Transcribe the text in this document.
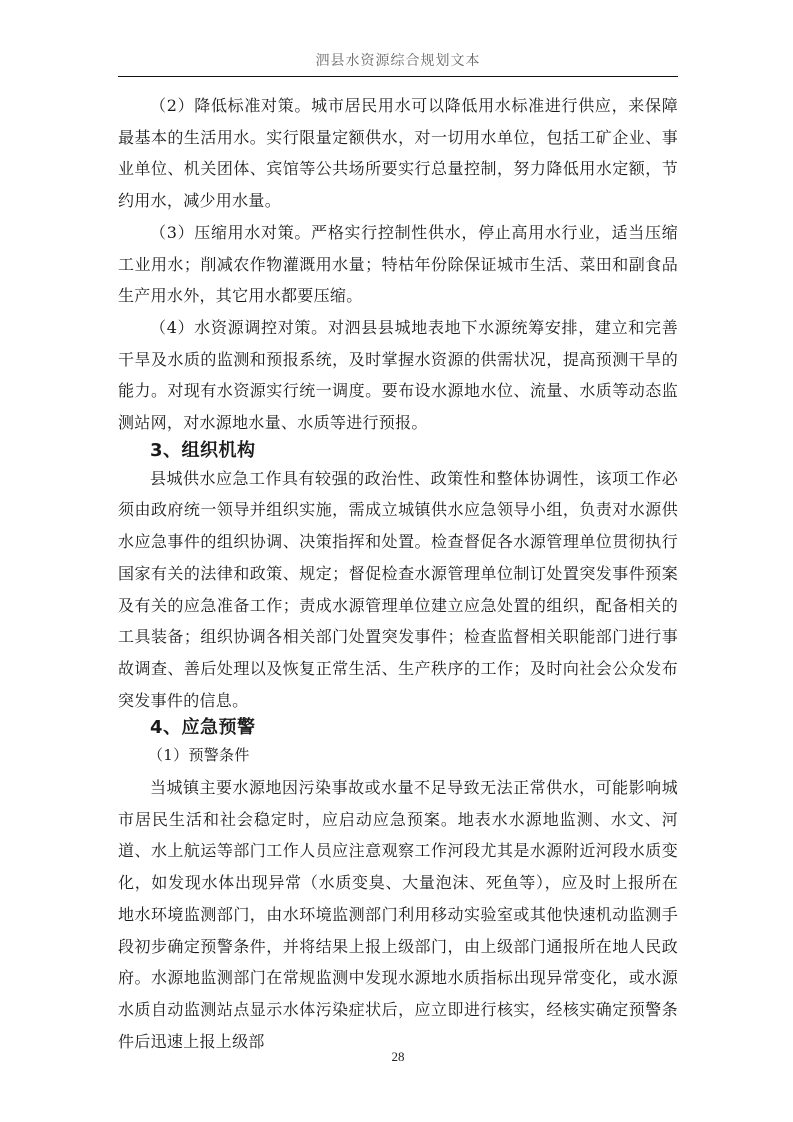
泗县水资源综合规划文本

（2）降低标准对策。城市居民用水可以降低用水标准进行供应，来保障最基本的生活用水。实行限量定额供水，对一切用水单位，包括工矿企业、事业单位、机关团体、宾馆等公共场所要实行总量控制，努力降低用水定额，节约用水，减少用水量。

（3）压缩用水对策。严格实行控制性供水，停止高用水行业，适当压缩工业用水；削减农作物灌溉用水量；特枯年份除保证城市生活、菜田和副食品生产用水外，其它用水都要压缩。

（4）水资源调控对策。对泗县县城地表地下水源统筹安排，建立和完善干旱及水质的监测和预报系统，及时掌握水资源的供需状况，提高预测干旱的能力。对现有水资源实行统一调度。要布设水源地水位、流量、水质等动态监测站网，对水源地水量、水质等进行预报。

3、组织机构

县城供水应急工作具有较强的政治性、政策性和整体协调性，该项工作必须由政府统一领导并组织实施，需成立城镇供水应急领导小组，负责对水源供水应急事件的组织协调、决策指挥和处置。检查督促各水源管理单位贯彻执行国家有关的法律和政策、规定；督促检查水源管理单位制订处置突发事件预案及有关的应急准备工作；责成水源管理单位建立应急处置的组织，配备相关的工具装备；组织协调各相关部门处置突发事件；检查监督相关职能部门进行事故调查、善后处理以及恢复正常生活、生产秩序的工作；及时向社会公众发布突发事件的信息。

4、应急预警

（1）预警条件

当城镇主要水源地因污染事故或水量不足导致无法正常供水，可能影响城市居民生活和社会稳定时，应启动应急预案。地表水水源地监测、水文、河道、水上航运等部门工作人员应注意观察工作河段尤其是水源附近河段水质变化，如发现水体出现异常（水质变臭、大量泡沫、死鱼等），应及时上报所在地水环境监测部门，由水环境监测部门利用移动实验室或其他快速机动监测手段初步确定预警条件，并将结果上报上级部门，由上级部门通报所在地人民政府。水源地监测部门在常规监测中发现水源地水质指标出现异常变化，或水源水质自动监测站点显示水体污染症状后，应立即进行核实，经核实确定预警条件后迅速上报上级部

28
